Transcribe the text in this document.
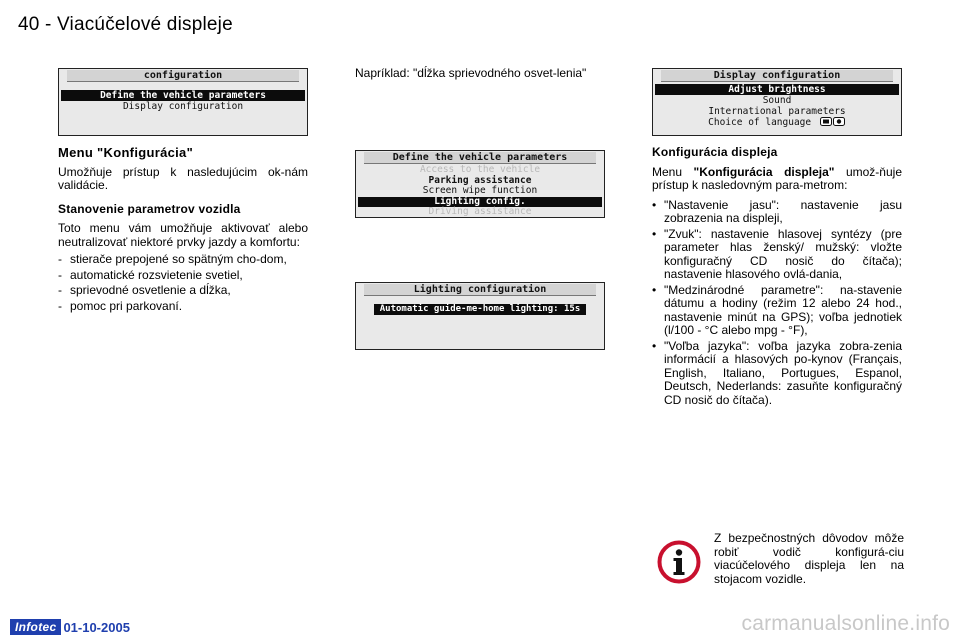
40 - Viacúčelové displeje
configuration
Define the vehicle parameters
Display configuration
Display configuration
Adjust brightness
Sound
International parameters
Choice of language
Define the vehicle parameters
Access to the vehicle
Parking assistance
Screen wipe function
Lighting config.
Driving assistance
Lighting configuration
Automatic guide-me-home lighting: 15s
Menu "Konfigurácia"

Umožňuje prístup k nasledujúcim ok-nám validácie.

Stanovenie parametrov vozidla

Toto menu vám umožňuje aktivovať alebo neutralizovať niektoré prvky jazdy a komfortu:

- stierače prepojené so spätným cho-dom,
- automatické rozsvietenie svetiel,
- sprievodné osvetlenie a dĺžka,
- pomoc pri parkovaní.

Napríklad: "dĺžka sprievodného osvet-lenia"

Konfigurácia displeja

Menu "Konfigurácia displeja" umož-ňuje prístup k nasledovným para-metrom:

• "Nastavenie jasu": nastavenie jasu zobrazenia na displeji,
• "Zvuk": nastavenie hlasovej syntézy (pre parameter hlas ženský/ mužský: vložte konfiguračný CD nosič do čítača); nastavenie hlasového ovlá-dania,
• "Medzinárodné parametre": na-stavenie dátumu a hodiny (režim 12 alebo 24 hod., nastavenie minút na GPS); voľba jednotiek (l/100 - °C alebo mpg - °F),
• "Voľba jazyka": voľba jazyka zobra-zenia informácií a hlasových po-kynov (Français, English, Italiano, Portugues, Espanol, Deutsch, Nederlands: zasuňte konfiguračný CD nosič do čítača).
Z bezpečnostných dôvodov môže robiť vodič konfigurá-ciu viacúčelového displeja len na stojacom vozidle.
Infotec 01-10-2005	carmanualsonline.info
